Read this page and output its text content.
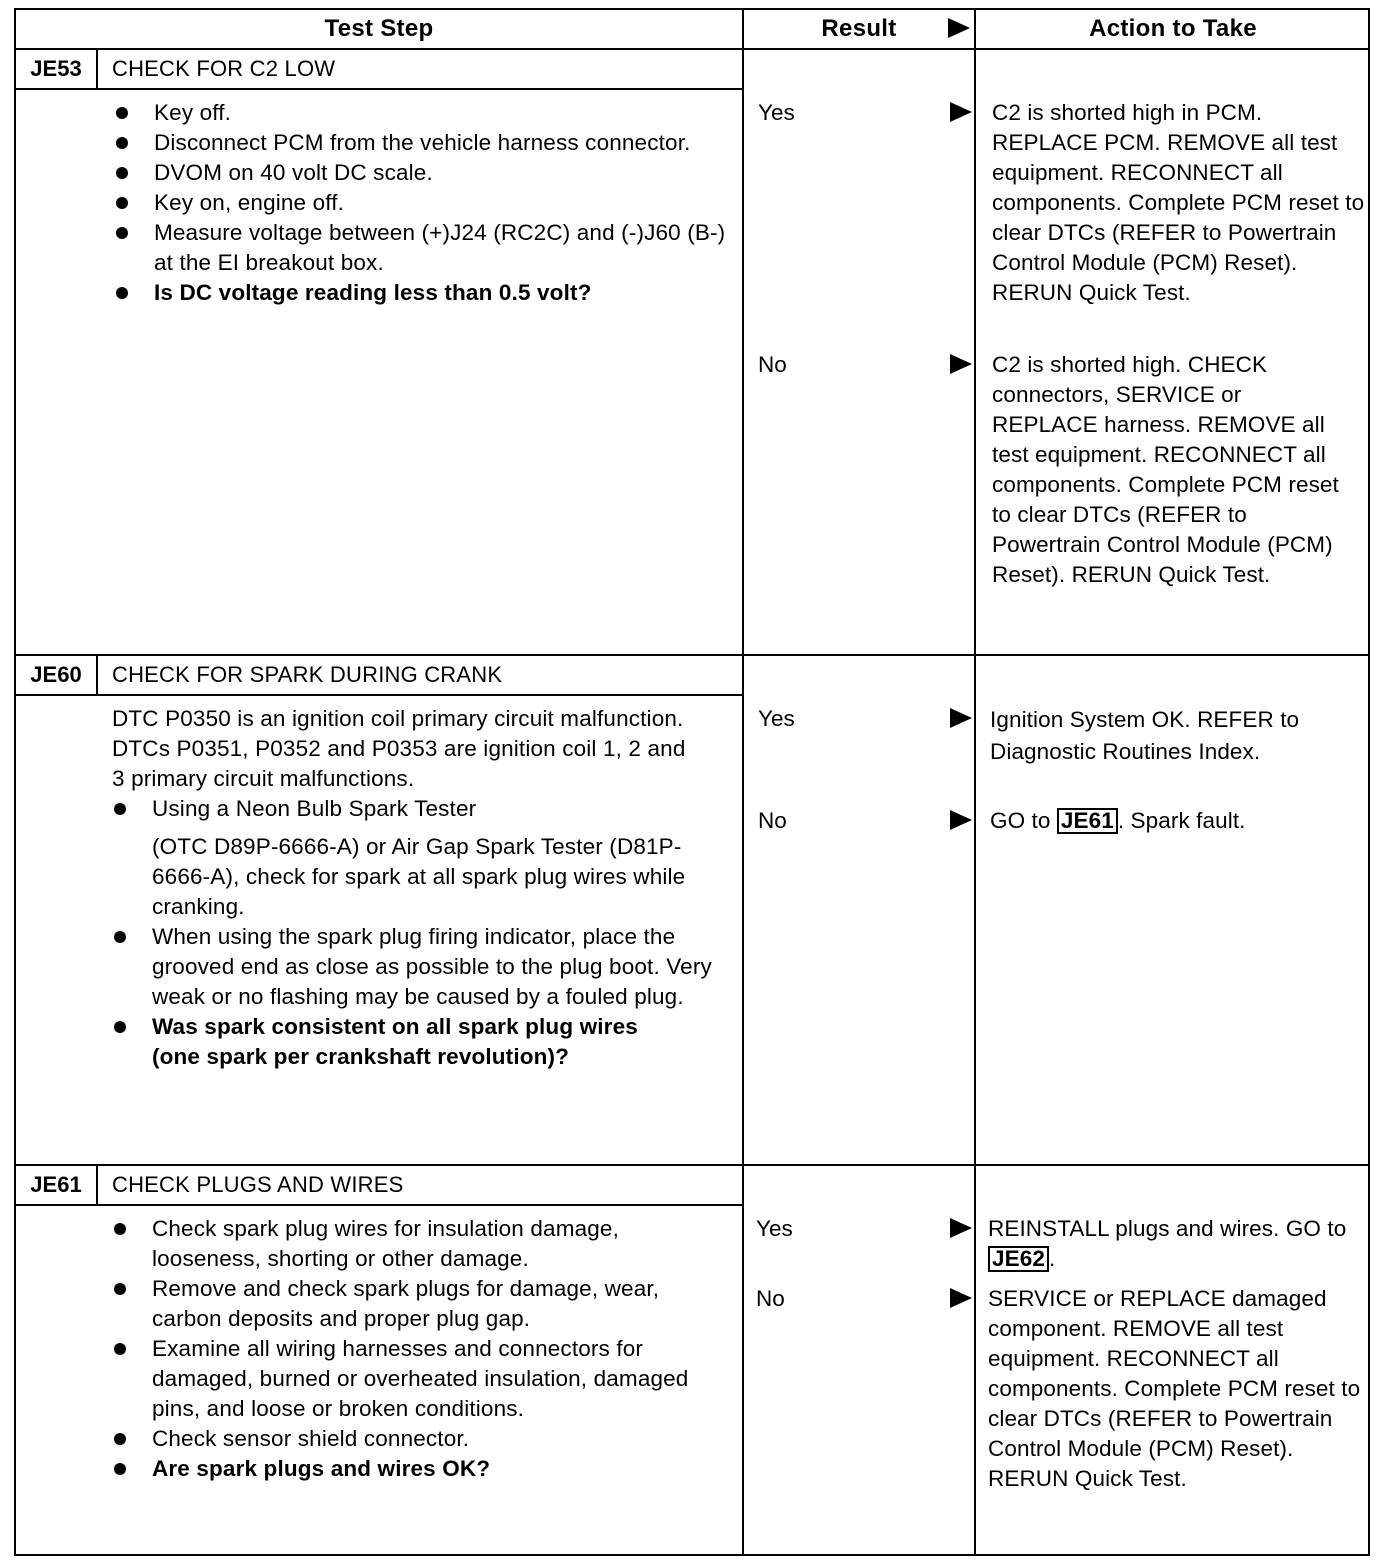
Test Step	Result	Action to Take
JE53	CHECK FOR C2 LOW
Key off.
Disconnect PCM from the vehicle harness connector.
DVOM on 40 volt DC scale.
Key on, engine off.
Measure voltage between (+)J24 (RC2C) and (-)J60 (B-) at the EI breakout box.
Is DC voltage reading less than 0.5 volt?
Yes	C2 is shorted high in PCM. REPLACE PCM. REMOVE all test equipment. RECONNECT all components. Complete PCM reset to clear DTCs (REFER to Powertrain Control Module (PCM) Reset). RERUN Quick Test.
No	C2 is shorted high. CHECK connectors, SERVICE or REPLACE harness. REMOVE all test equipment. RECONNECT all components. Complete PCM reset to clear DTCs (REFER to Powertrain Control Module (PCM) Reset). RERUN Quick Test.
JE60	CHECK FOR SPARK DURING CRANK
DTC P0350 is an ignition coil primary circuit malfunction. DTCs P0351, P0352 and P0353 are ignition coil 1, 2 and 3 primary circuit malfunctions.
Using a Neon Bulb Spark Tester
(OTC D89P-6666-A) or Air Gap Spark Tester (D81P-6666-A), check for spark at all spark plug wires while cranking.
When using the spark plug firing indicator, place the grooved end as close as possible to the plug boot. Very weak or no flashing may be caused by a fouled plug.
Was spark consistent on all spark plug wires (one spark per crankshaft revolution)?
Yes	Ignition System OK. REFER to Diagnostic Routines Index.
No	GO to JE61 . Spark fault.
JE61	CHECK PLUGS AND WIRES
Check spark plug wires for insulation damage, looseness, shorting or other damage.
Remove and check spark plugs for damage, wear, carbon deposits and proper plug gap.
Examine all wiring harnesses and connectors for damaged, burned or overheated insulation, damaged pins, and loose or broken conditions.
Check sensor shield connector.
Are spark plugs and wires OK?
Yes	REINSTALL plugs and wires. GO to JE62 .
No	SERVICE or REPLACE damaged component. REMOVE all test equipment. RECONNECT all components. Complete PCM reset to clear DTCs (REFER to Powertrain Control Module (PCM) Reset). RERUN Quick Test.
